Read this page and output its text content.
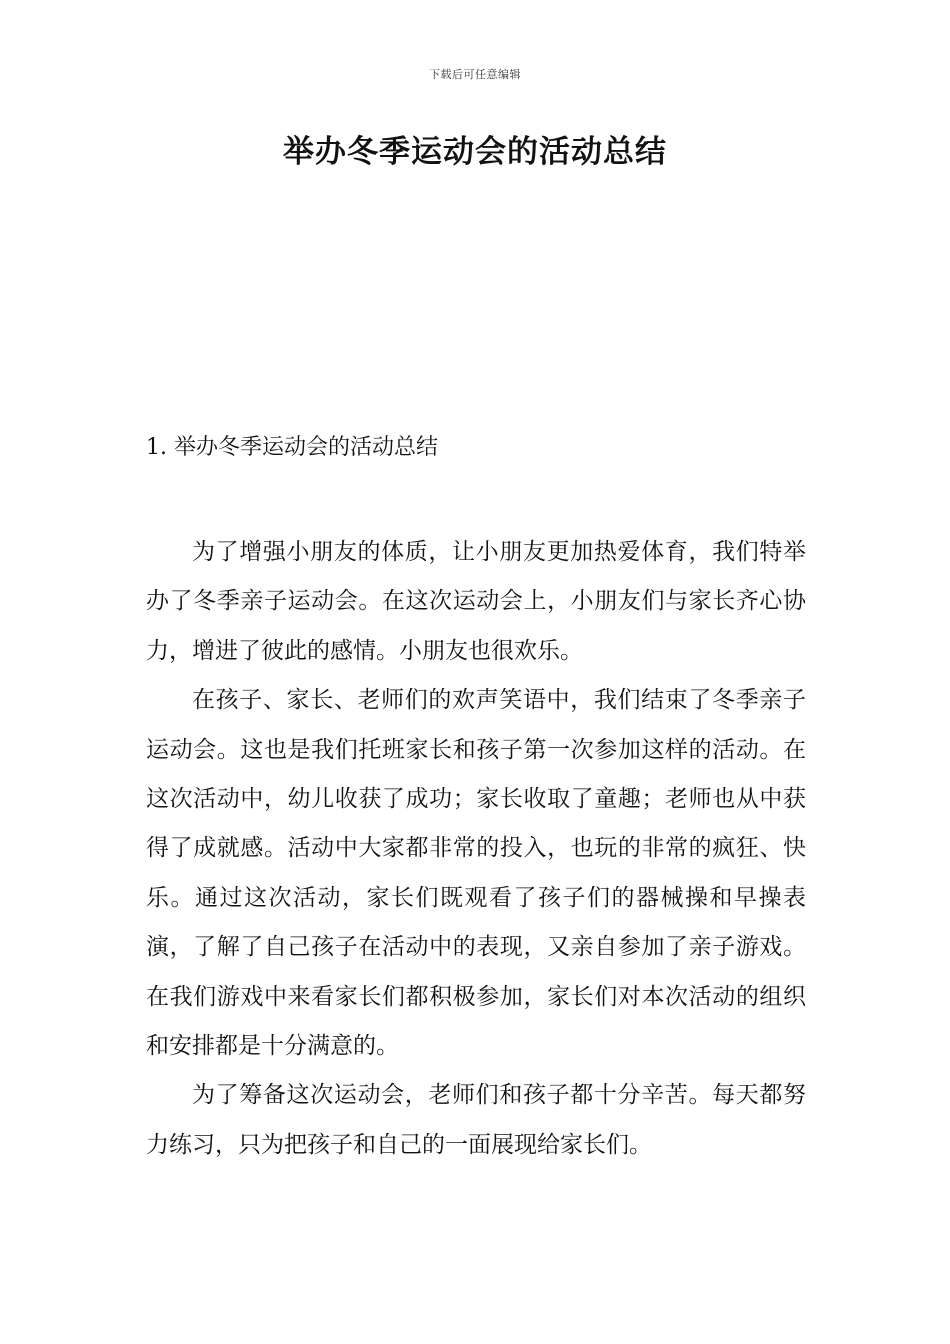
下载后可任意编辑
举办冬季运动会的活动总结
1. 举办冬季运动会的活动总结

为了增强小朋友的体质，让小朋友更加热爱体育，我们特举办了冬季亲子运动会。在这次运动会上，小朋友们与家长齐心协力，增进了彼此的感情。小朋友也很欢乐。

在孩子、家长、老师们的欢声笑语中，我们结束了冬季亲子运动会。这也是我们托班家长和孩子第一次参加这样的活动。在这次活动中，幼儿收获了成功；家长收取了童趣；老师也从中获得了成就感。活动中大家都非常的投入，也玩的非常的疯狂、快乐。通过这次活动，家长们既观看了孩子们的器械操和早操表演，了解了自己孩子在活动中的表现，又亲自参加了亲子游戏。在我们游戏中来看家长们都积极参加，家长们对本次活动的组织和安排都是十分满意的。

为了筹备这次运动会，老师们和孩子都十分辛苦。每天都努力练习，只为把孩子和自己的一面展现给家长们。
